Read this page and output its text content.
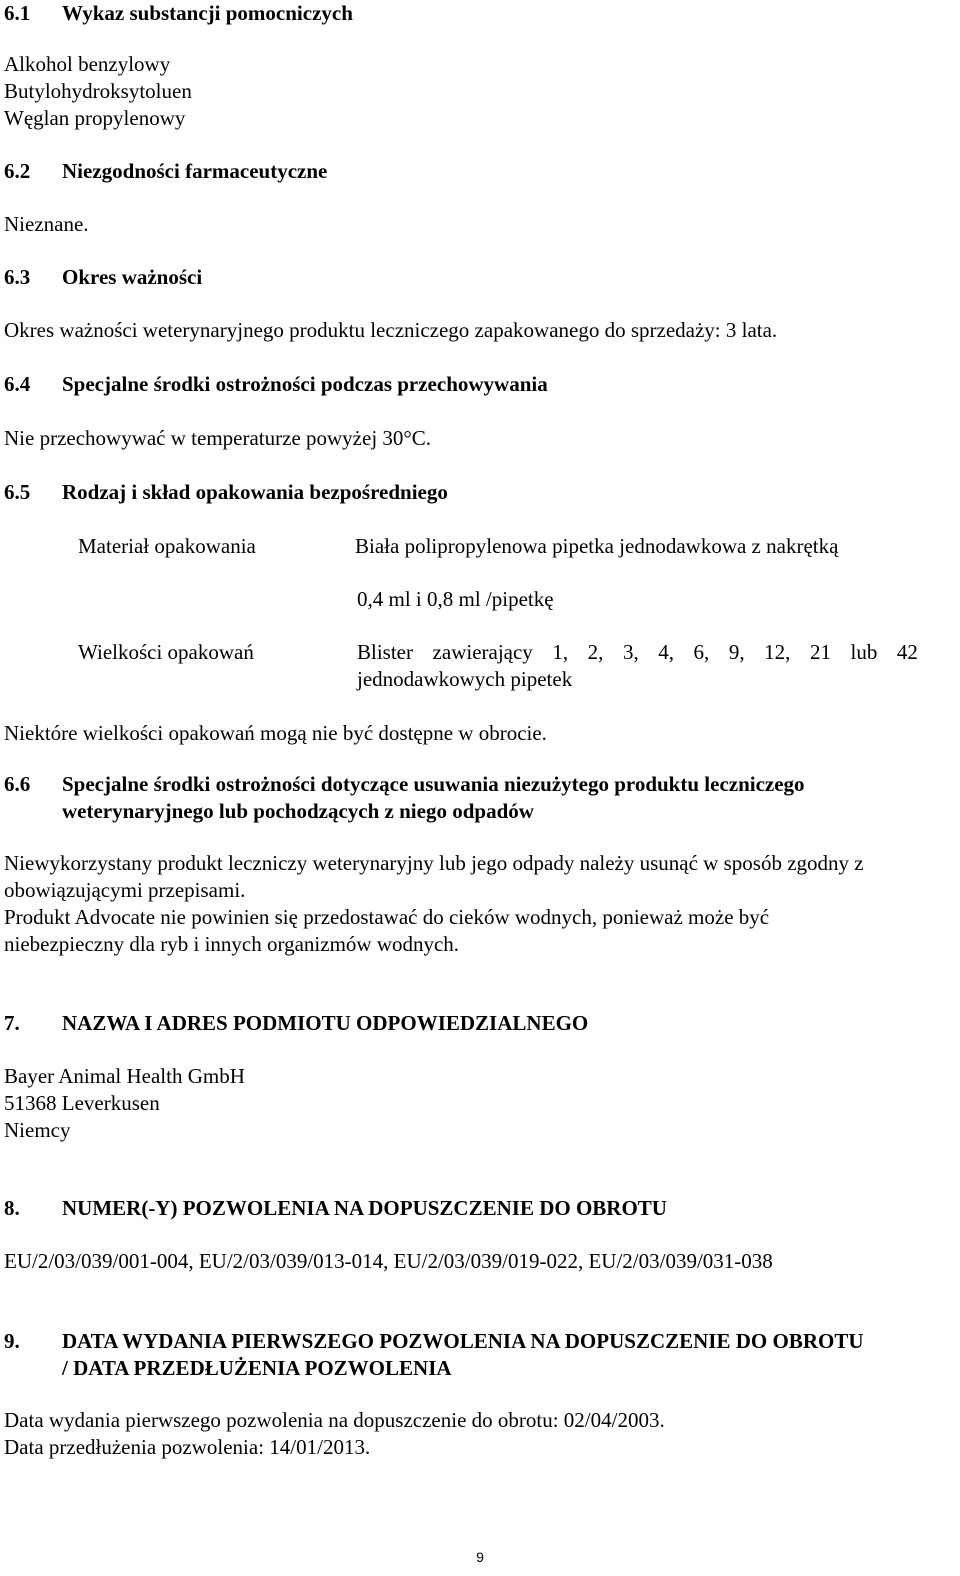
6.1 Wykaz substancji pomocniczych
Alkohol benzylowy
Butylohydroksytoluen
Węglan propylenowy
6.2 Niezgodności farmaceutyczne
Nieznane.
6.3 Okres ważności
Okres ważności weterynaryjnego produktu leczniczego zapakowanego do sprzedaży: 3 lata.
6.4 Specjalne środki ostrożności podczas przechowywania
Nie przechowywać w temperaturze powyżej 30°C.
6.5 Rodzaj i skład opakowania bezpośredniego
Materiał opakowania	Biała polipropylenowa pipetka jednodawkowa z nakrętką
0,4 ml i 0,8 ml /pipetkę
Wielkości opakowań	Blister zawierający 1, 2, 3, 4, 6, 9, 12, 21 lub 42
jednodawkowych pipetek
Niektóre wielkości opakowań mogą nie być dostępne w obrocie.
6.6 Specjalne środki ostrożności dotyczące usuwania niezużytego produktu leczniczego
weterynaryjnego lub pochodzących z niego odpadów
Niewykorzystany produkt leczniczy weterynaryjny lub jego odpady należy usunąć w sposób zgodny z
obowiązującymi przepisami.
Produkt Advocate nie powinien się przedostawać do cieków wodnych, ponieważ może być
niebezpieczny dla ryb i innych organizmów wodnych.
7. NAZWA I ADRES PODMIOTU ODPOWIEDZIALNEGO
Bayer Animal Health GmbH
51368 Leverkusen
Niemcy
8. NUMER(-Y) POZWOLENIA NA DOPUSZCZENIE DO OBROTU
EU/2/03/039/001-004, EU/2/03/039/013-014, EU/2/03/039/019-022, EU/2/03/039/031-038
9. DATA WYDANIA PIERWSZEGO POZWOLENIA NA DOPUSZCZENIE DO OBROTU
/ DATA PRZEDŁUŻENIA POZWOLENIA
Data wydania pierwszego pozwolenia na dopuszczenie do obrotu: 02/04/2003.
Data przedłużenia pozwolenia: 14/01/2013.
9
